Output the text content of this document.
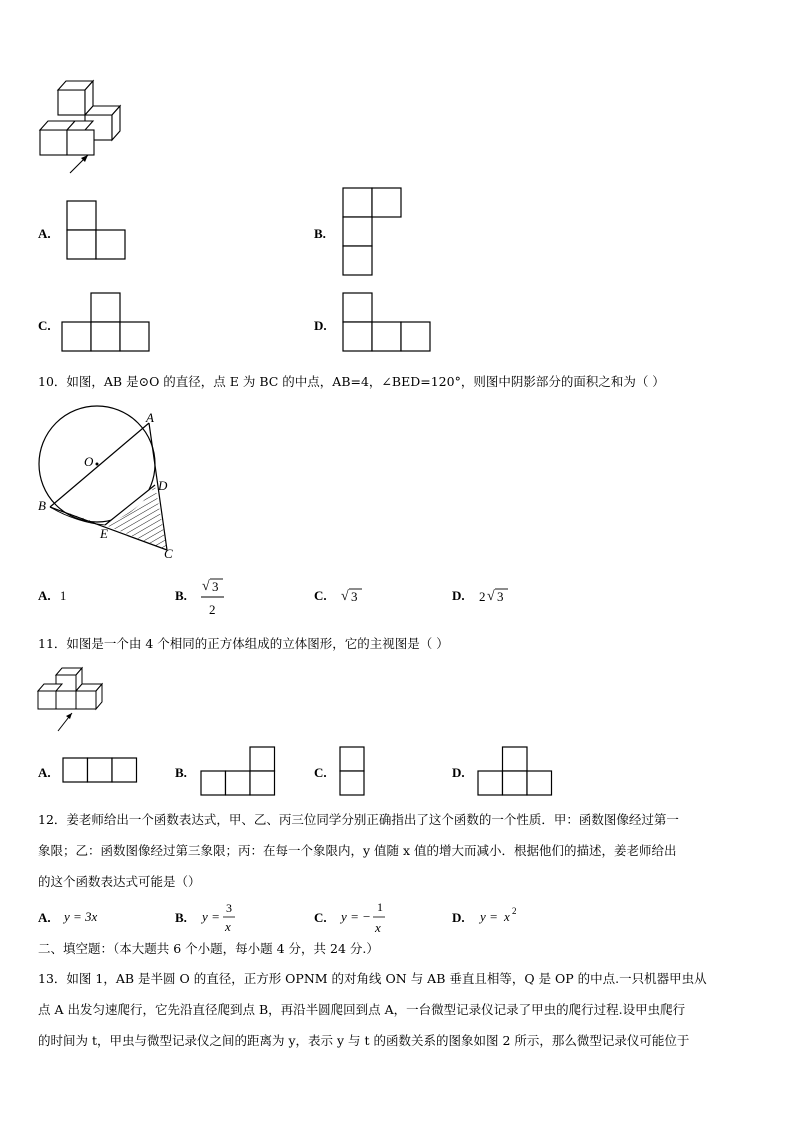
A.	B.
C.	D.
10．如图，AB 是⊙O 的直径，点 E 为 BC 的中点，AB=4，∠BED=120°，则图中阴影部分的面积之和为（ ）
A
O
D
B
E
C
A. 1	B.
√ 3
2
C. √ 3	D. 2 √ 3
11．如图是一个由 4 个相同的正方体组成的立体图形，它的主视图是（ ）
A.	B.	C.	D.
12．姜老师给出一个函数表达式，甲、乙、丙三位同学分别正确指出了这个函数的一个性质．甲：函数图像经过第一
象限；乙：函数图像经过第三象限；丙：在每一个象限内，y 值随 x 值的增大而减小．根据他们的描述，姜老师给出
的这个函数表达式可能是（）
A. y = 3x	B. y =
3
x
C. y = −
1
x
D. y = x 2
二、填空题：（本大题共 6 个小题，每小题 4 分，共 24 分.）
13．如图 1，AB 是半圆 O 的直径，正方形 OPNM 的对角线 ON 与 AB 垂直且相等，Q 是 OP 的中点.一只机器甲虫从
点 A 出发匀速爬行，它先沿直径爬到点 B，再沿半圆爬回到点 A，一台微型记录仪记录了甲虫的爬行过程.设甲虫爬行
的时间为 t，甲虫与微型记录仪之间的距离为 y，表示 y 与 t 的函数关系的图象如图 2 所示，那么微型记录仪可能位于
